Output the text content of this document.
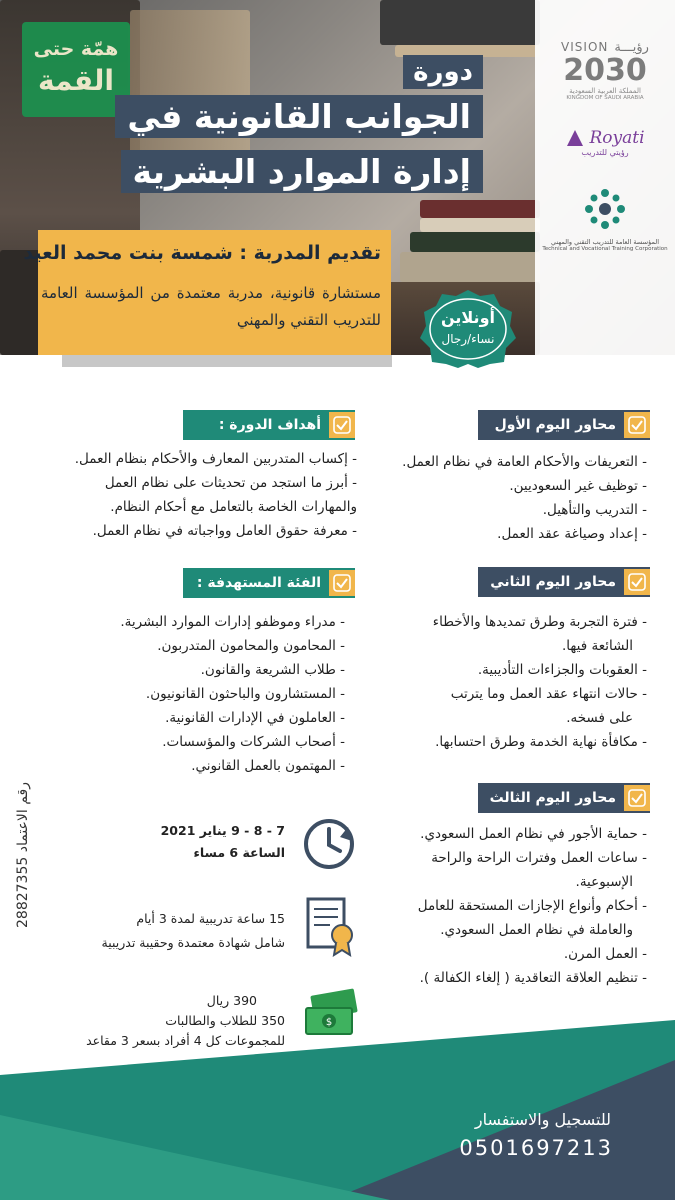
همّة حتى
القمة
رؤيـــة
VISION
2030
المملكة العربية السعودية
KINGDOM OF SAUDI ARABIA
Royati
رؤيتي للتدريب
المؤسسة العامة للتدريب التقني والمهني
Technical and Vocational Training Corporation
دورة
الجوانب القانونية في
إدارة الموارد البشرية
تقديم المدربة : شمسة بنت محمد العيد
مستشارة قانونية، مدربة معتمدة من المؤسسة العامة للتدريب التقني والمهني	أونلاين
نساء/رجال
أهداف الدورة :
- إكساب المتدربين المعارف والأحكام بنظام العمل.
- أبرز ما استجد من تحديثات على نظام العمل
والمهارات الخاصة بالتعامل مع أحكام النظام.
- معرفة حقوق العامل وواجباته في نظام العمل.
الفئة المستهدفة :
- مدراء وموظفو إدارات الموارد البشرية.
- المحامون والمحامون المتدربون.
- طلاب الشريعة والقانون.
- المستشارون والباحثون القانونيون.
- العاملون في الإدارات القانونية.
- أصحاب الشركات والمؤسسات.
- المهتمون بالعمل القانوني.
7 - 8 - 9 يناير 2021
الساعة 6 مساء
15 ساعة تدريبية لمدة 3 أيام
شامل شهادة معتمدة وحقيبة تدريبية
$
390 ريال
350 للطلاب والطالبات
للمجموعات كل 4 أفراد بسعر 3 مقاعد
رقم الاعتماد 28827355
محاور اليوم الأول
- التعريفات والأحكام العامة في نظام العمل.
- توظيف غير السعوديين.
- التدريب والتأهيل.
- إعداد وصياغة عقد العمل.
محاور اليوم الثاني
- فترة التجربة وطرق تمديدها والأخطاء
الشائعة فيها.
- العقوبات والجزاءات التأديبية.
- حالات انتهاء عقد العمل وما يترتب
على فسخه.
- مكافأة نهاية الخدمة وطرق احتسابها.
محاور اليوم الثالث
- حماية الأجور في نظام العمل السعودي.
- ساعات العمل وفترات الراحة والراحة
الإسبوعية.
- أحكام وأنواع الإجازات المستحقة للعامل
والعاملة في نظام العمل السعودي.
- العمل المرن.
- تنظيم العلاقة التعاقدية ( إلغاء الكفالة ).
للتسجيل والاستفسار
0501697213
